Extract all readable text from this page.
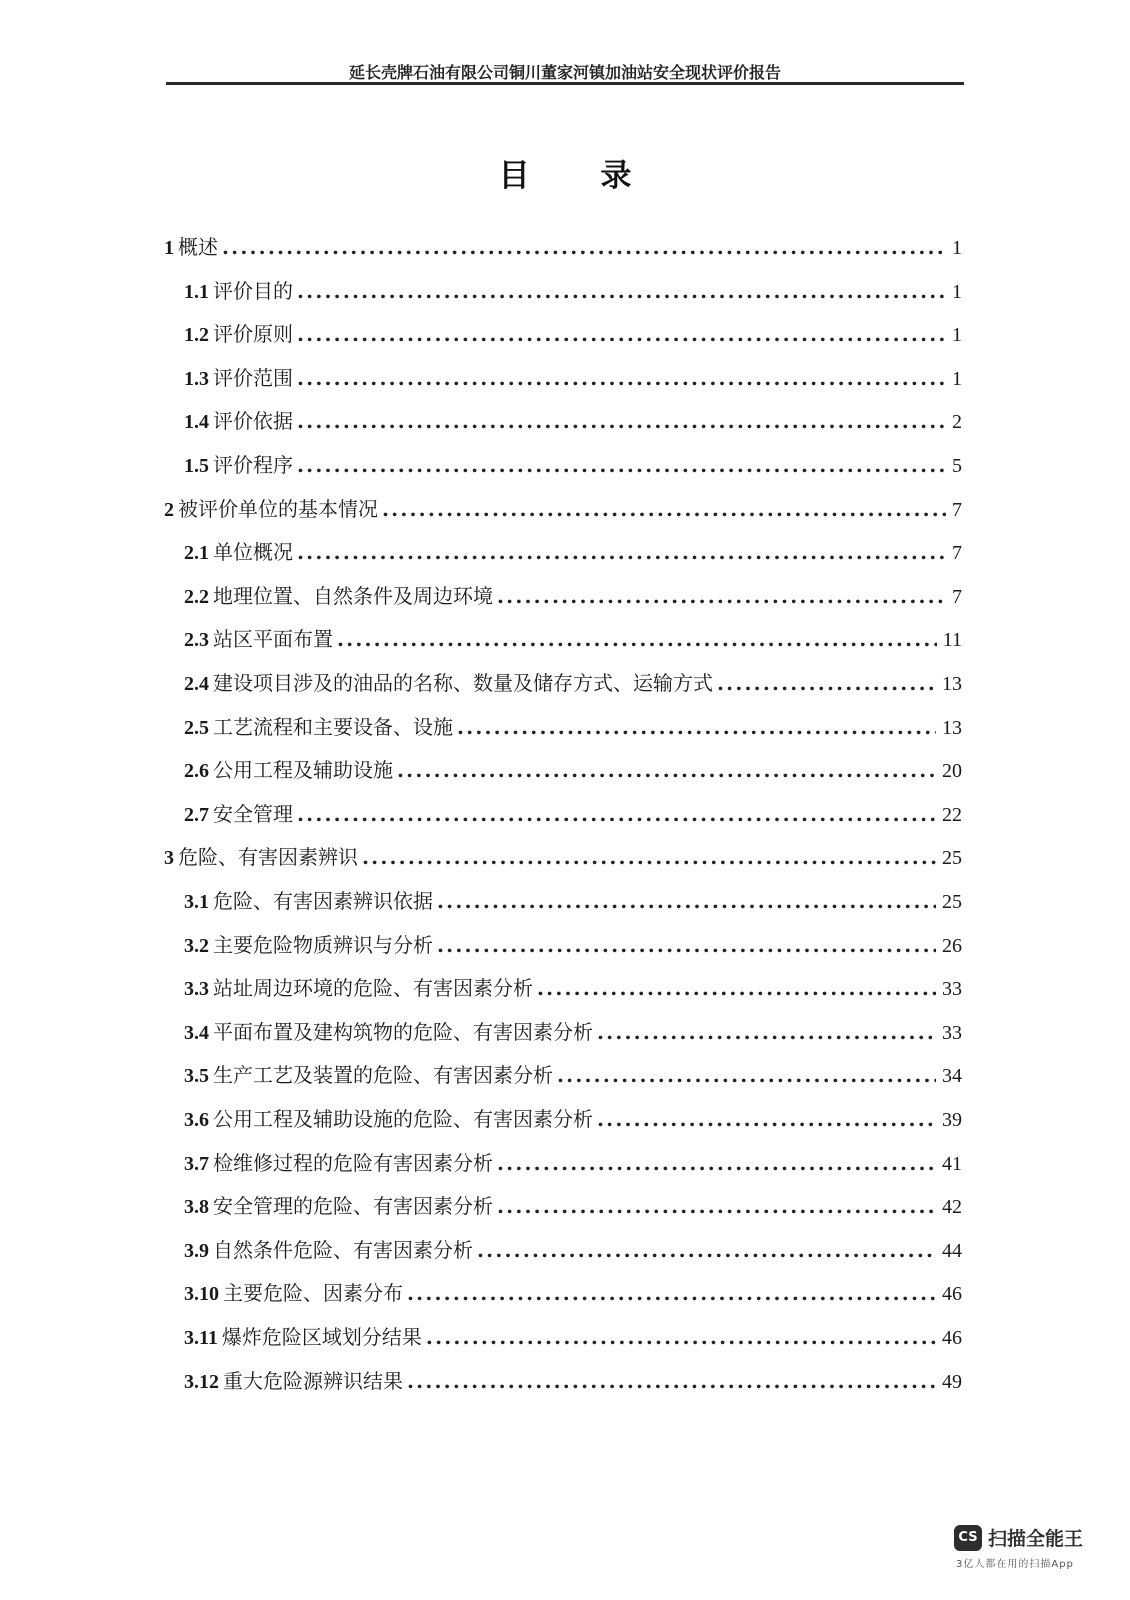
延长壳牌石油有限公司铜川董家河镇加油站安全现状评价报告
目 录
1 概述 .....	1
1.1 评价目的 .....	1
1.2 评价原则 .....	1
1.3 评价范围 .....	1
1.4 评价依据 .....	2
1.5 评价程序 .....	5
2 被评价单位的基本情况 .....	7
2.1 单位概况 .....	7
2.2 地理位置、自然条件及周边环境 .....	7
2.3 站区平面布置 .....	11
2.4 建设项目涉及的油品的名称、数量及储存方式、运输方式 .....	13
2.5 工艺流程和主要设备、设施 .....	13
2.6 公用工程及辅助设施 .....	20
2.7 安全管理 .....	22
3 危险、有害因素辨识 .....	25
3.1 危险、有害因素辨识依据 .....	25
3.2 主要危险物质辨识与分析 .....	26
3.3 站址周边环境的危险、有害因素分析 .....	33
3.4 平面布置及建构筑物的危险、有害因素分析 .....	33
3.5 生产工艺及装置的危险、有害因素分析 .....	34
3.6 公用工程及辅助设施的危险、有害因素分析 .....	39
3.7 检维修过程的危险有害因素分析 .....	41
3.8 安全管理的危险、有害因素分析 .....	42
3.9 自然条件危险、有害因素分析 .....	44
3.10 主要危险、因素分布 .....	46
3.11 爆炸危险区域划分结果 .....	46
3.12 重大危险源辨识结果 .....	49
CS 扫描全能王
3亿人都在用的扫描App
